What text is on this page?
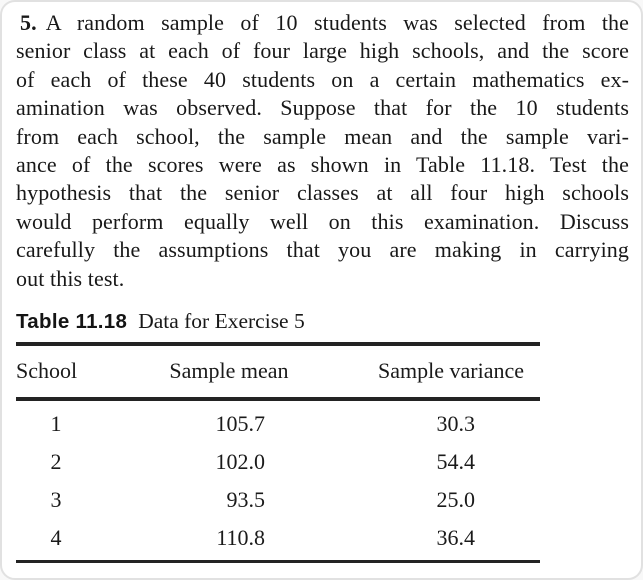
5. A random sample of 10 students was selected from the
senior class at each of four large high schools, and the score
of each of these 40 students on a certain mathematics ex-
amination was observed. Suppose that for the 10 students
from each school, the sample mean and the sample vari-
ance of the scores were as shown in Table 11.18. Test the
hypothesis that the senior classes at all four high schools
would perform equally well on this examination. Discuss
carefully the assumptions that you are making in carrying
out this test.
Table 11.18 Data for Exercise 5
School	Sample mean	Sample variance
1	105.7	30.3
2	102.0	54.4
3	93.5	25.0
4	110.8	36.4
